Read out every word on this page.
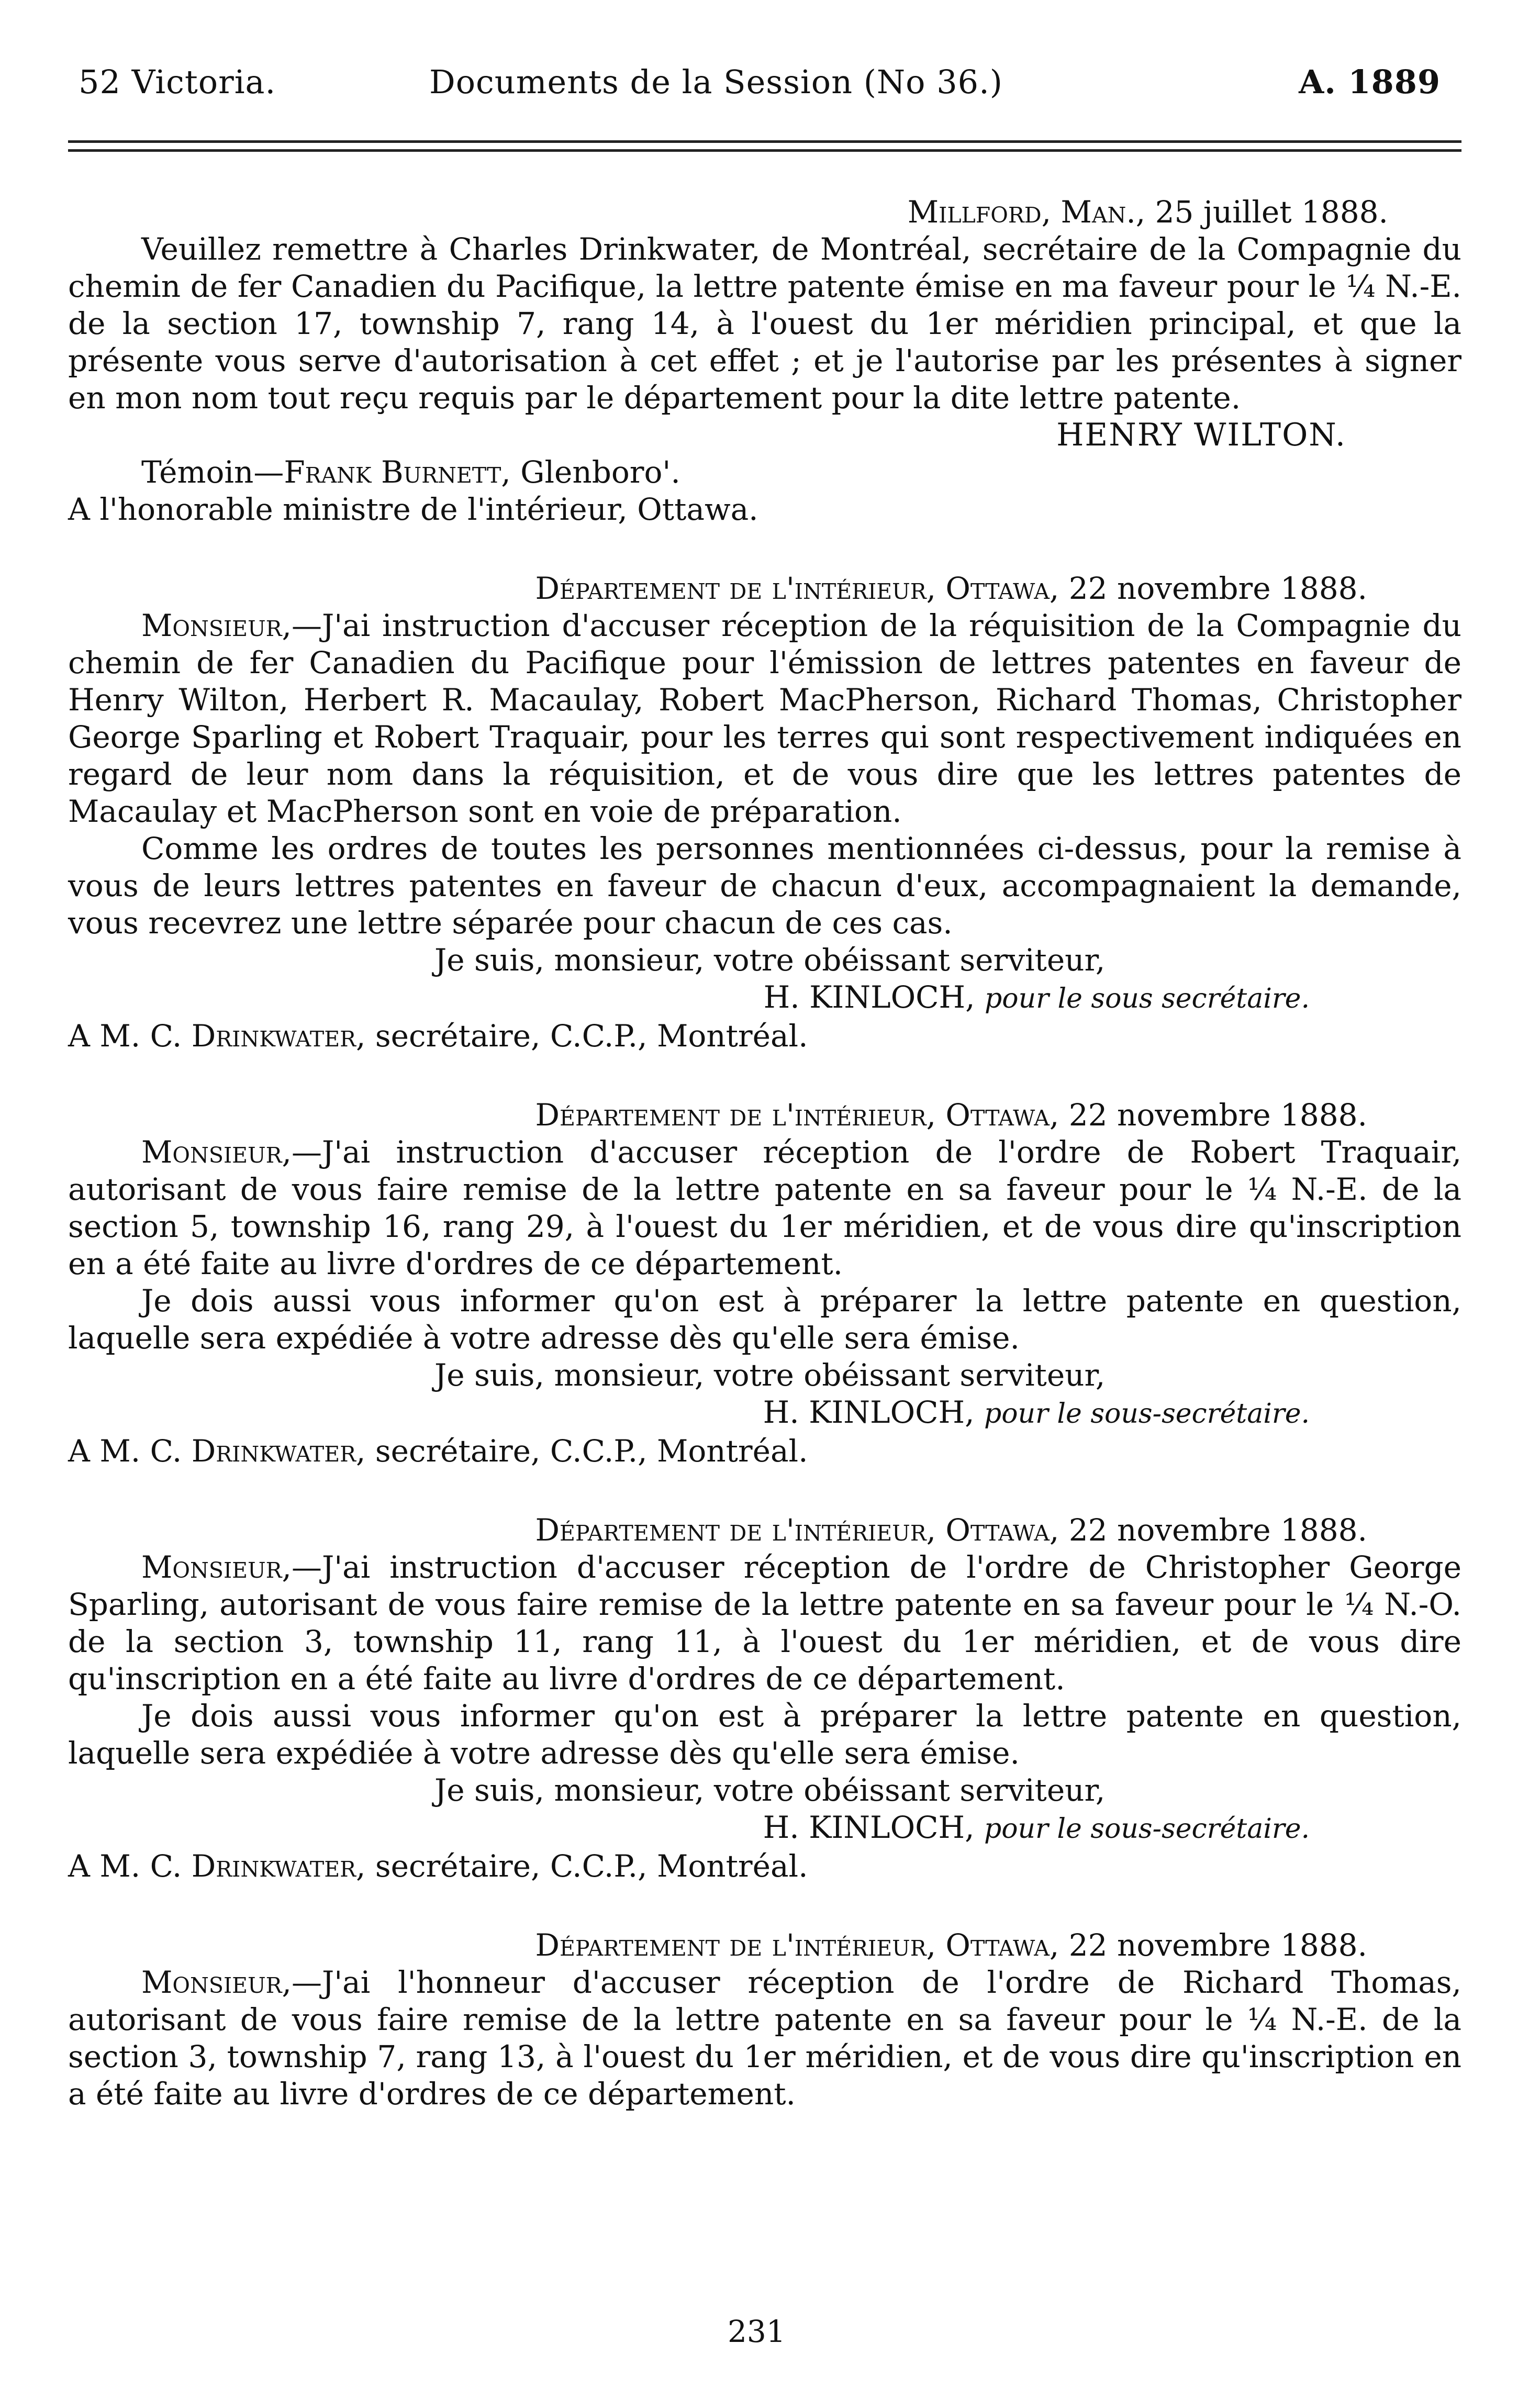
52 Victoria.	Documents de la Session (No 36.)	A. 1889

Millford, Man., 25 juillet 1888.

Veuillez remettre à Charles Drinkwater, de Montréal, secrétaire de la Compagnie du chemin de fer Canadien du Pacifique, la lettre patente émise en ma faveur pour le ¼ N.-E. de la section 17, township 7, rang 14, à l'ouest du 1er méridien principal, et que la présente vous serve d'autorisation à cet effet ; et je l'autorise par les présentes à signer en mon nom tout reçu requis par le département pour la dite lettre patente.

HENRY WILTON.

Témoin—Frank Burnett, Glenboro'.

A l'honorable ministre de l'intérieur, Ottawa.

Département de l'intérieur, Ottawa, 22 novembre 1888.

Monsieur,—J'ai instruction d'accuser réception de la réquisition de la Compagnie du chemin de fer Canadien du Pacifique pour l'émission de lettres patentes en faveur de Henry Wilton, Herbert R. Macaulay, Robert MacPherson, Richard Thomas, Christopher George Sparling et Robert Traquair, pour les terres qui sont respectivement indiquées en regard de leur nom dans la réquisition, et de vous dire que les lettres patentes de Macaulay et MacPherson sont en voie de préparation.

Comme les ordres de toutes les personnes mentionnées ci-dessus, pour la remise à vous de leurs lettres patentes en faveur de chacun d'eux, accompagnaient la demande, vous recevrez une lettre séparée pour chacun de ces cas.

Je suis, monsieur, votre obéissant serviteur,

H. KINLOCH, pour le sous secrétaire.

A M. C. Drinkwater, secrétaire, C.C.P., Montréal.

Département de l'intérieur, Ottawa, 22 novembre 1888.

Monsieur,—J'ai instruction d'accuser réception de l'ordre de Robert Traquair, autorisant de vous faire remise de la lettre patente en sa faveur pour le ¼ N.-E. de la section 5, township 16, rang 29, à l'ouest du 1er méridien, et de vous dire qu'inscription en a été faite au livre d'ordres de ce département.

Je dois aussi vous informer qu'on est à préparer la lettre patente en question, laquelle sera expédiée à votre adresse dès qu'elle sera émise.

Je suis, monsieur, votre obéissant serviteur,

H. KINLOCH, pour le sous-secrétaire.

A M. C. Drinkwater, secrétaire, C.C.P., Montréal.

Département de l'intérieur, Ottawa, 22 novembre 1888.

Monsieur,—J'ai instruction d'accuser réception de l'ordre de Christopher George Sparling, autorisant de vous faire remise de la lettre patente en sa faveur pour le ¼ N.-O. de la section 3, township 11, rang 11, à l'ouest du 1er méridien, et de vous dire qu'inscription en a été faite au livre d'ordres de ce département.

Je dois aussi vous informer qu'on est à préparer la lettre patente en question, laquelle sera expédiée à votre adresse dès qu'elle sera émise.

Je suis, monsieur, votre obéissant serviteur,

H. KINLOCH, pour le sous-secrétaire.

A M. C. Drinkwater, secrétaire, C.C.P., Montréal.

Département de l'intérieur, Ottawa, 22 novembre 1888.

Monsieur,—J'ai l'honneur d'accuser réception de l'ordre de Richard Thomas, autorisant de vous faire remise de la lettre patente en sa faveur pour le ¼ N.-E. de la section 3, township 7, rang 13, à l'ouest du 1er méridien, et de vous dire qu'inscription en a été faite au livre d'ordres de ce département.

231
